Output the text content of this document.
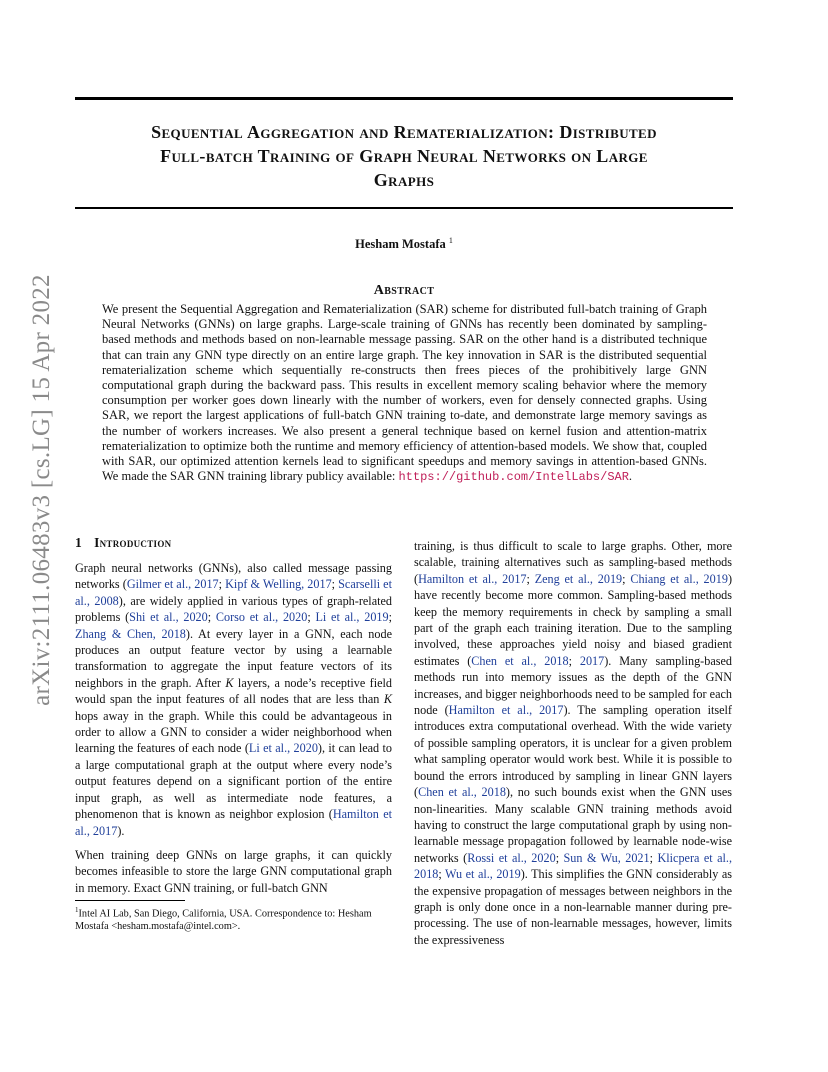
arXiv:2111.06483v3 [cs.LG] 15 Apr 2022
Sequential Aggregation and Rematerialization: Distributed
Full-batch Training of Graph Neural Networks on Large
Graphs
Hesham Mostafa $^1$
Abstract
We present the Sequential Aggregation and Rematerialization (SAR) scheme for distributed full-batch training of Graph Neural Networks (GNNs) on large graphs. Large-scale training of GNNs has recently been dominated by sampling-based methods and methods based on non-learnable message passing. SAR on the other hand is a distributed technique that can train any GNN type directly on an entire large graph. The key innovation in SAR is the distributed sequential rematerialization scheme which sequentially re-constructs then frees pieces of the prohibitively large GNN computational graph during the backward pass. This results in excellent memory scaling behavior where the memory consumption per worker goes down linearly with the number of workers, even for densely connected graphs. Using SAR, we report the largest applications of full-batch GNN training to-date, and demonstrate large memory savings as the number of workers increases. We also present a general technique based on kernel fusion and attention-matrix rematerialization to optimize both the runtime and memory efficiency of attention-based models. We show that, coupled with SAR, our optimized attention kernels lead to significant speedups and memory savings in attention-based GNNs. We made the SAR GNN training library publicy available: https://github.com/IntelLabs/SAR.
1 Introduction

Graph neural networks (GNNs), also called message passing networks (Gilmer et al., 2017; Kipf & Welling, 2017; Scarselli et al., 2008), are widely applied in various types of graph-related problems (Shi et al., 2020; Corso et al., 2020; Li et al., 2019; Zhang & Chen, 2018). At every layer in a GNN, each node produces an output feature vector by using a learnable transformation to aggregate the input feature vectors of its neighbors in the graph. After K layers, a node’s receptive field would span the input features of all nodes that are less than K hops away in the graph. While this could be advantageous in order to allow a GNN to consider a wider neighborhood when learning the features of each node (Li et al., 2020), it can lead to a large computational graph at the output where every node’s output features depend on a significant portion of the entire input graph, as well as intermediate node features, a phenomenon that is known as neighbor explosion (Hamilton et al., 2017).

When training deep GNNs on large graphs, it can quickly becomes infeasible to store the large GNN computational graph in memory. Exact GNN training, or full-batch GNN

$^1$Intel AI Lab, San Diego, California, USA. Correspondence to: Hesham Mostafa <hesham.mostafa@intel.com>.

training, is thus difficult to scale to large graphs. Other, more scalable, training alternatives such as sampling-based methods (Hamilton et al., 2017; Zeng et al., 2019; Chiang et al., 2019) have recently become more common. Sampling-based methods keep the memory requirements in check by sampling a small part of the graph each training iteration. Due to the sampling involved, these approaches yield noisy and biased gradient estimates (Chen et al., 2018; 2017). Many sampling-based methods run into memory issues as the depth of the GNN increases, and bigger neighborhoods need to be sampled for each node (Hamilton et al., 2017). The sampling operation itself introduces extra computational overhead. With the wide variety of possible sampling operators, it is unclear for a given problem what sampling operator would work best. While it is possible to bound the errors introduced by sampling in linear GNN layers (Chen et al., 2018), no such bounds exist when the GNN uses non-linearities. Many scalable GNN training methods avoid having to construct the large computational graph by using non-learnable message propagation followed by learnable node-wise networks (Rossi et al., 2020; Sun & Wu, 2021; Klicpera et al., 2018; Wu et al., 2019). This simplifies the GNN considerably as the expensive propagation of messages between neighbors in the graph is only done once in a non-learnable manner during pre-processing. The use of non-learnable messages, however, limits the expressiveness
